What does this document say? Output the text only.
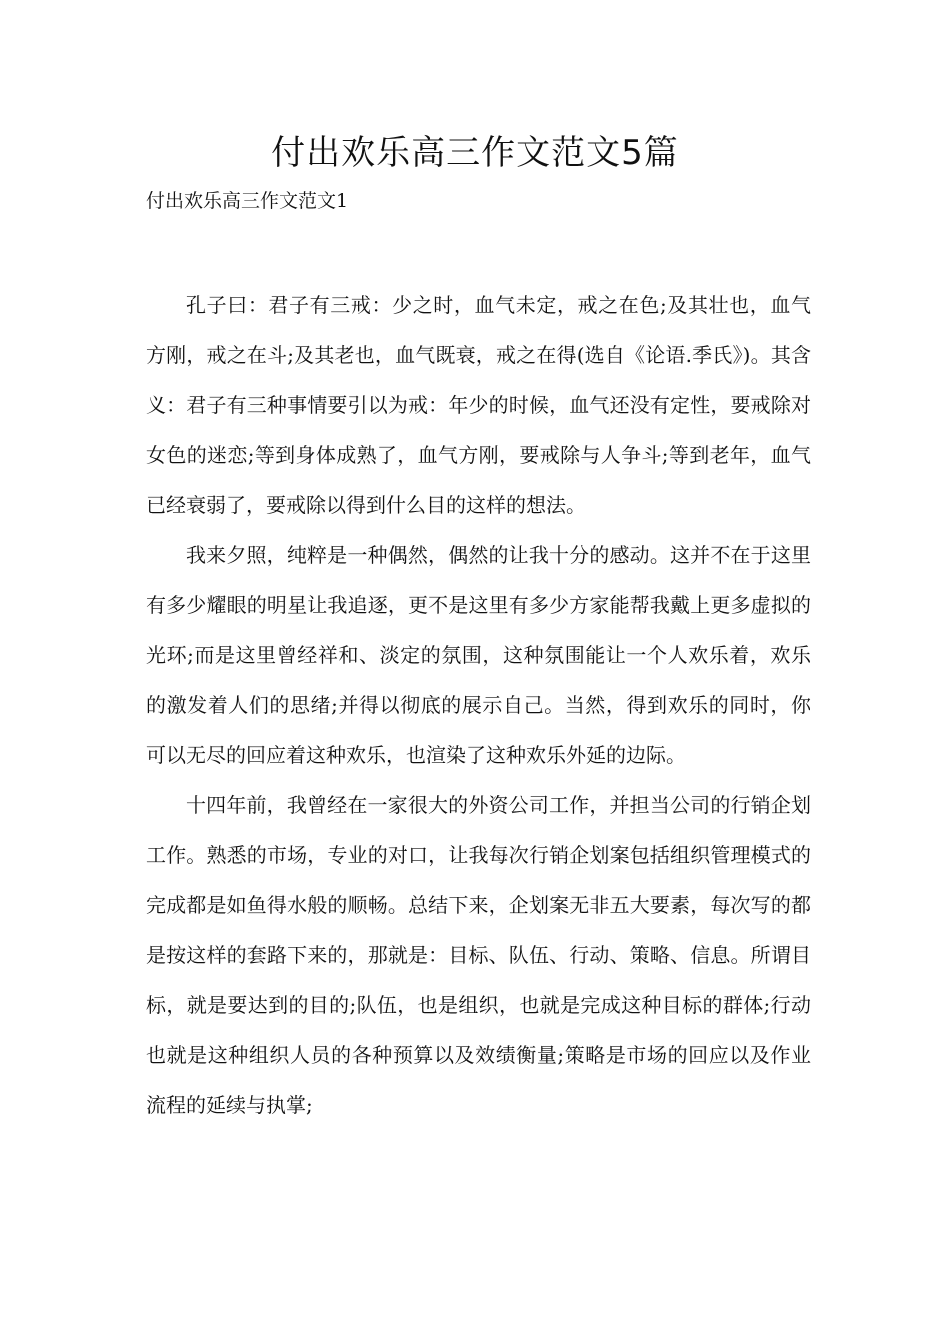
付出欢乐高三作文范文5篇
付出欢乐高三作文范文1

孔子曰：君子有三戒：少之时，血气未定，戒之在色;及其壮也，血气方刚，戒之在斗;及其老也，血气既衰，戒之在得(选自《论语.季氏》)。其含义：君子有三种事情要引以为戒：年少的时候，血气还没有定性，要戒除对女色的迷恋;等到身体成熟了，血气方刚，要戒除与人争斗;等到老年，血气已经衰弱了，要戒除以得到什么目的这样的想法。

我来夕照，纯粹是一种偶然，偶然的让我十分的感动。这并不在于这里有多少耀眼的明星让我追逐，更不是这里有多少方家能帮我戴上更多虚拟的光环;而是这里曾经祥和、淡定的氛围，这种氛围能让一个人欢乐着，欢乐的激发着人们的思绪;并得以彻底的展示自己。当然，得到欢乐的同时，你可以无尽的回应着这种欢乐，也渲染了这种欢乐外延的边际。

十四年前，我曾经在一家很大的外资公司工作，并担当公司的行销企划工作。熟悉的市场，专业的对口，让我每次行销企划案包括组织管理模式的完成都是如鱼得水般的顺畅。总结下来，企划案无非五大要素，每次写的都是按这样的套路下来的，那就是：目标、队伍、行动、策略、信息。所谓目标，就是要达到的目的;队伍，也是组织，也就是完成这种目标的群体;行动也就是这种组织人员的各种预算以及效绩衡量;策略是市场的回应以及作业流程的延续与执掌;
